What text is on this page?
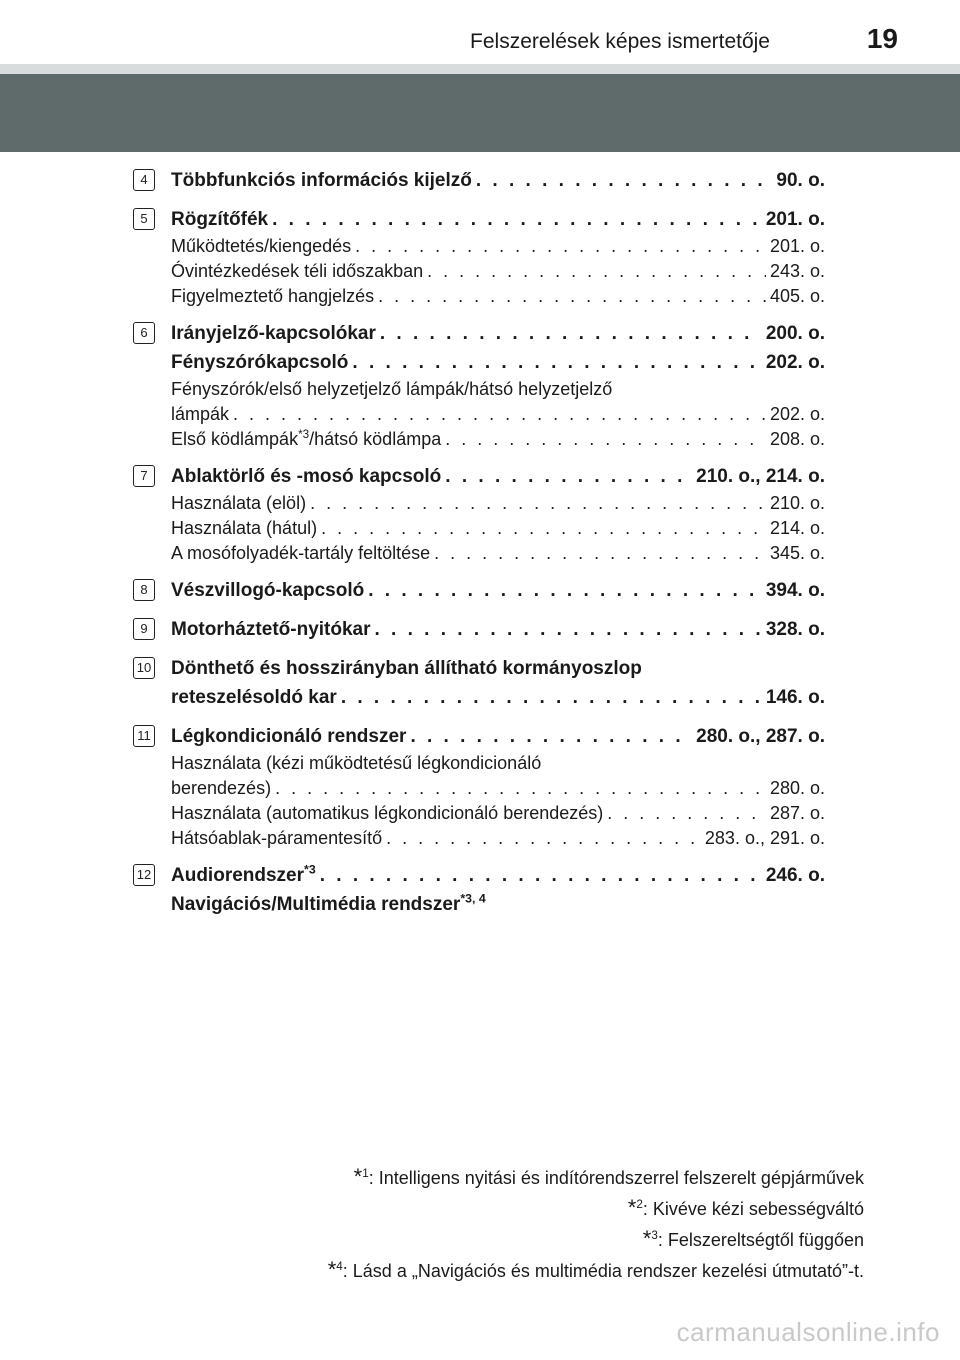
Felszerelések képes ismertetője	19
4	Többfunkciós információs kijelző . . .	90. o.
5	Rögzítőfék . . .	201. o.
Működtetés/kiengedés . . .	201. o.
Óvintézkedések téli időszakban . . .	243. o.
Figyelmeztető hangjelzés . . .	405. o.
6	Irányjelző-kapcsolókar . . .	200. o.
Fényszórókapcsoló . . .	202. o.
Fényszórók/első helyzetjelző lámpák/hátsó helyzetjelző
lámpák . . .	202. o.
Első ködlámpák$^{*3}$/hátsó ködlámpa . . .	208. o.
7	Ablaktörlő és -mosó kapcsoló . . .	210. o., 214. o.
Használata (elöl) . . .	210. o.
Használata (hátul) . . .	214. o.
A mosófolyadék-tartály feltöltése . . .	345. o.
8	Vészvillogó-kapcsoló . . .	394. o.
9	Motorháztető-nyitókar . . .	328. o.
10 Dönthető és hosszirányban állítható kormányoszlop
reteszelésoldó kar . . .	146. o.
11 Légkondicionáló rendszer . . .	280. o., 287. o.
Használata (kézi működtetésű légkondicionáló
berendezés) . . .	280. o.
Használata (automatikus légkondicionáló berendezés) . . .	287. o.
Hátsóablak-páramentesítő . . .	283. o., 291. o.
12 Audiorendszer$^{*3}$ . . .	246. o.
Navigációs/Multimédia rendszer$^{*3, 4}$
*$^1$: Intelligens nyitási és indítórendszerrel felszerelt gépjárművek
*$^2$: Kivéve kézi sebességváltó
*$^3$: Felszereltségtől függően
*$^4$: Lásd a „Navigációs és multimédia rendszer kezelési útmutató”-t.
carmanualsonline.info
